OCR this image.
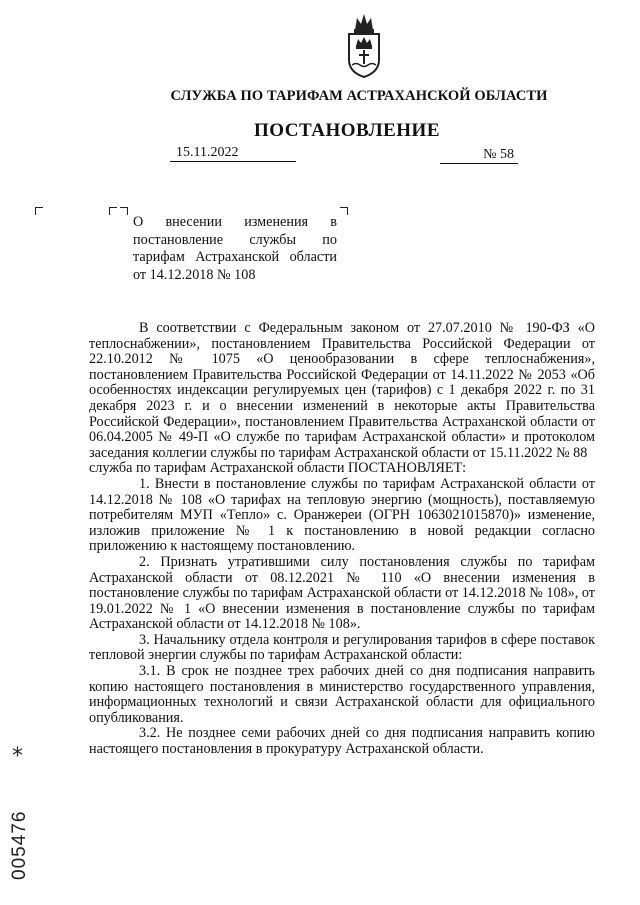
СЛУЖБА ПО ТАРИФАМ АСТРАХАНСКОЙ ОБЛАСТИ
ПОСТАНОВЛЕНИЕ
15.11.2022	№ 58
О внесении изменения в постановление службы по тарифам Астраханской области от 14.12.2018 № 108

В соответствии с Федеральным законом от 27.07.2010 № 190-ФЗ «О теплоснабжении», постановлением Правительства Российской Федерации от 22.10.2012 № 1075 «О ценообразовании в сфере теплоснабжения», постановлением Правительства Российской Федерации от 14.11.2022 № 2053 «Об особенностях индексации регулируемых цен (тарифов) с 1 декабря 2022 г. по 31 декабря 2023 г. и о внесении изменений в некоторые акты Правительства Российской Федерации», постановлением Правительства Астраханской области от 06.04.2005 № 49-П «О службе по тарифам Астраханской области» и протоколом заседания коллегии службы по тарифам Астраханской области от 15.11.2022 № 88

служба по тарифам Астраханской области ПОСТАНОВЛЯЕТ:

1. Внести в постановление службы по тарифам Астраханской области от 14.12.2018 № 108 «О тарифах на тепловую энергию (мощность), поставляемую потребителям МУП «Тепло» с. Оранжереи (ОГРН 1063021015870)» изменение, изложив приложение № 1 к постановлению в новой редакции согласно приложению к настоящему постановлению.

2. Признать утратившими силу постановления службы по тарифам Астраханской области от 08.12.2021 № 110 «О внесении изменения в постановление службы по тарифам Астраханской области от 14.12.2018 № 108», от 19.01.2022 № 1 «О внесении изменения в постановление службы по тарифам Астраханской области от 14.12.2018 № 108».

3. Начальнику отдела контроля и регулирования тарифов в сфере поставок тепловой энергии службы по тарифам Астраханской области:

3.1. В срок не позднее трех рабочих дней со дня подписания направить копию настоящего постановления в министерство государственного управления, информационных технологий и связи Астраханской области для официального опубликования.

3.2. Не позднее семи рабочих дней со дня подписания направить копию настоящего постановления в прокуратуру Астраханской области.

*
005476
